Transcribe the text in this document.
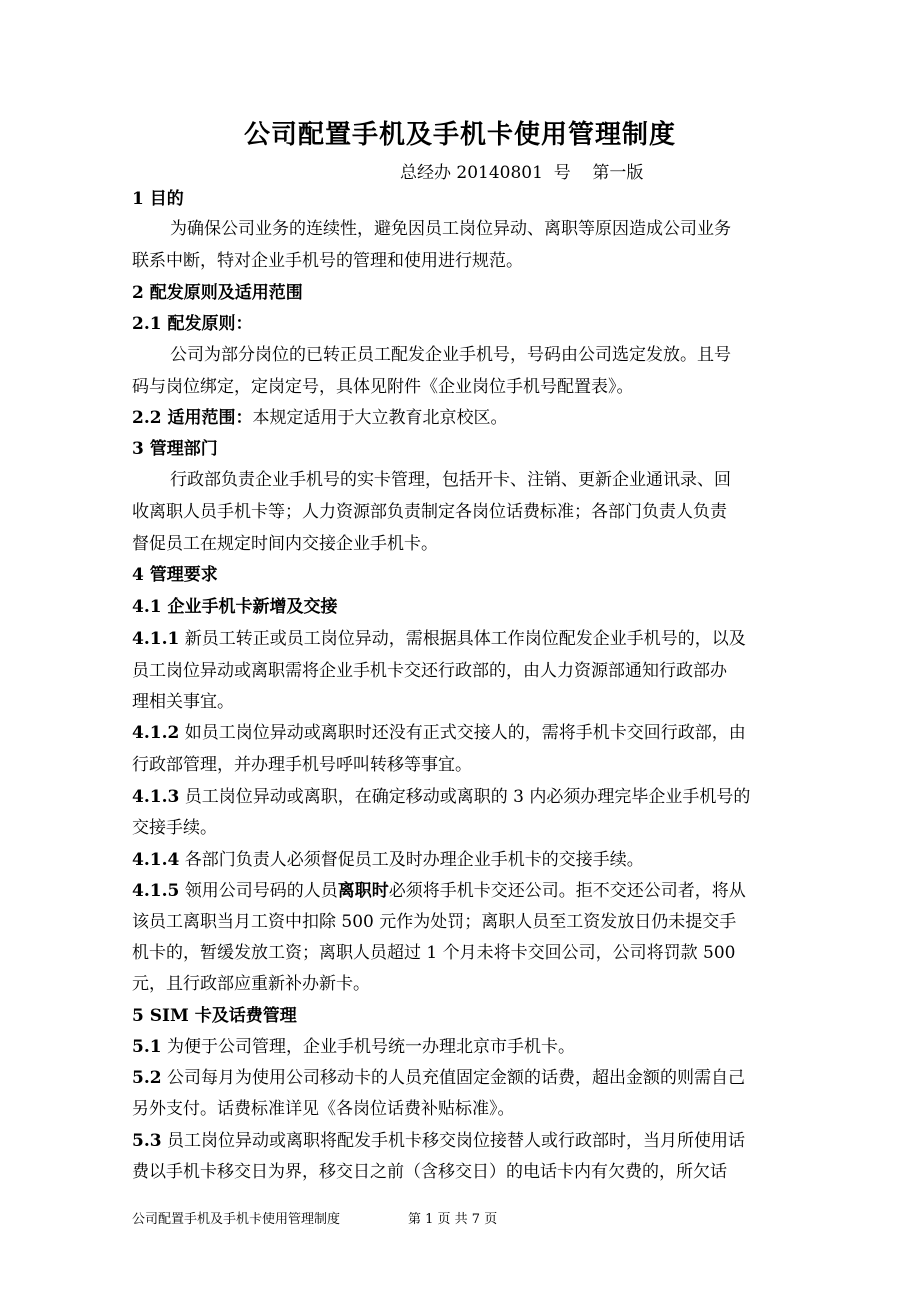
公司配置手机及手机卡使用管理制度
总经办 20140801  号    第一版
1 目的
为确保公司业务的连续性，避免因员工岗位异动、离职等原因造成公司业务
联系中断，特对企业手机号的管理和使用进行规范。
2 配发原则及适用范围
2.1 配发原则：
公司为部分岗位的已转正员工配发企业手机号，号码由公司选定发放。且号
码与岗位绑定，定岗定号，具体见附件《企业岗位手机号配置表》。
2.2 适用范围：本规定适用于大立教育北京校区。
3 管理部门
行政部负责企业手机号的实卡管理，包括开卡、注销、更新企业通讯录、回
收离职人员手机卡等；人力资源部负责制定各岗位话费标准；各部门负责人负责
督促员工在规定时间内交接企业手机卡。
4 管理要求
4.1 企业手机卡新增及交接
4.1.1 新员工转正或员工岗位异动，需根据具体工作岗位配发企业手机号的，以及
员工岗位异动或离职需将企业手机卡交还行政部的，由人力资源部通知行政部办
理相关事宜。
4.1.2 如员工岗位异动或离职时还没有正式交接人的，需将手机卡交回行政部，由
行政部管理，并办理手机号呼叫转移等事宜。
4.1.3 员工岗位异动或离职，在确定移动或离职的 3 内必须办理完毕企业手机号的
交接手续。
4.1.4 各部门负责人必须督促员工及时办理企业手机卡的交接手续。
4.1.5 领用公司号码的人员离职时必须将手机卡交还公司。拒不交还公司者，将从
该员工离职当月工资中扣除 500 元作为处罚；离职人员至工资发放日仍未提交手
机卡的，暂缓发放工资；离职人员超过 1 个月未将卡交回公司，公司将罚款 500
元，且行政部应重新补办新卡。
5 SIM 卡及话费管理
5.1 为便于公司管理，企业手机号统一办理北京市手机卡。
5.2 公司每月为使用公司移动卡的人员充值固定金额的话费，超出金额的则需自己
另外支付。话费标准详见《各岗位话费补贴标准》。
5.3 员工岗位异动或离职将配发手机卡移交岗位接替人或行政部时，当月所使用话
费以手机卡移交日为界，移交日之前（含移交日）的电话卡内有欠费的，所欠话
公司配置手机及手机卡使用管理制度	第 1 页 共 7 页
